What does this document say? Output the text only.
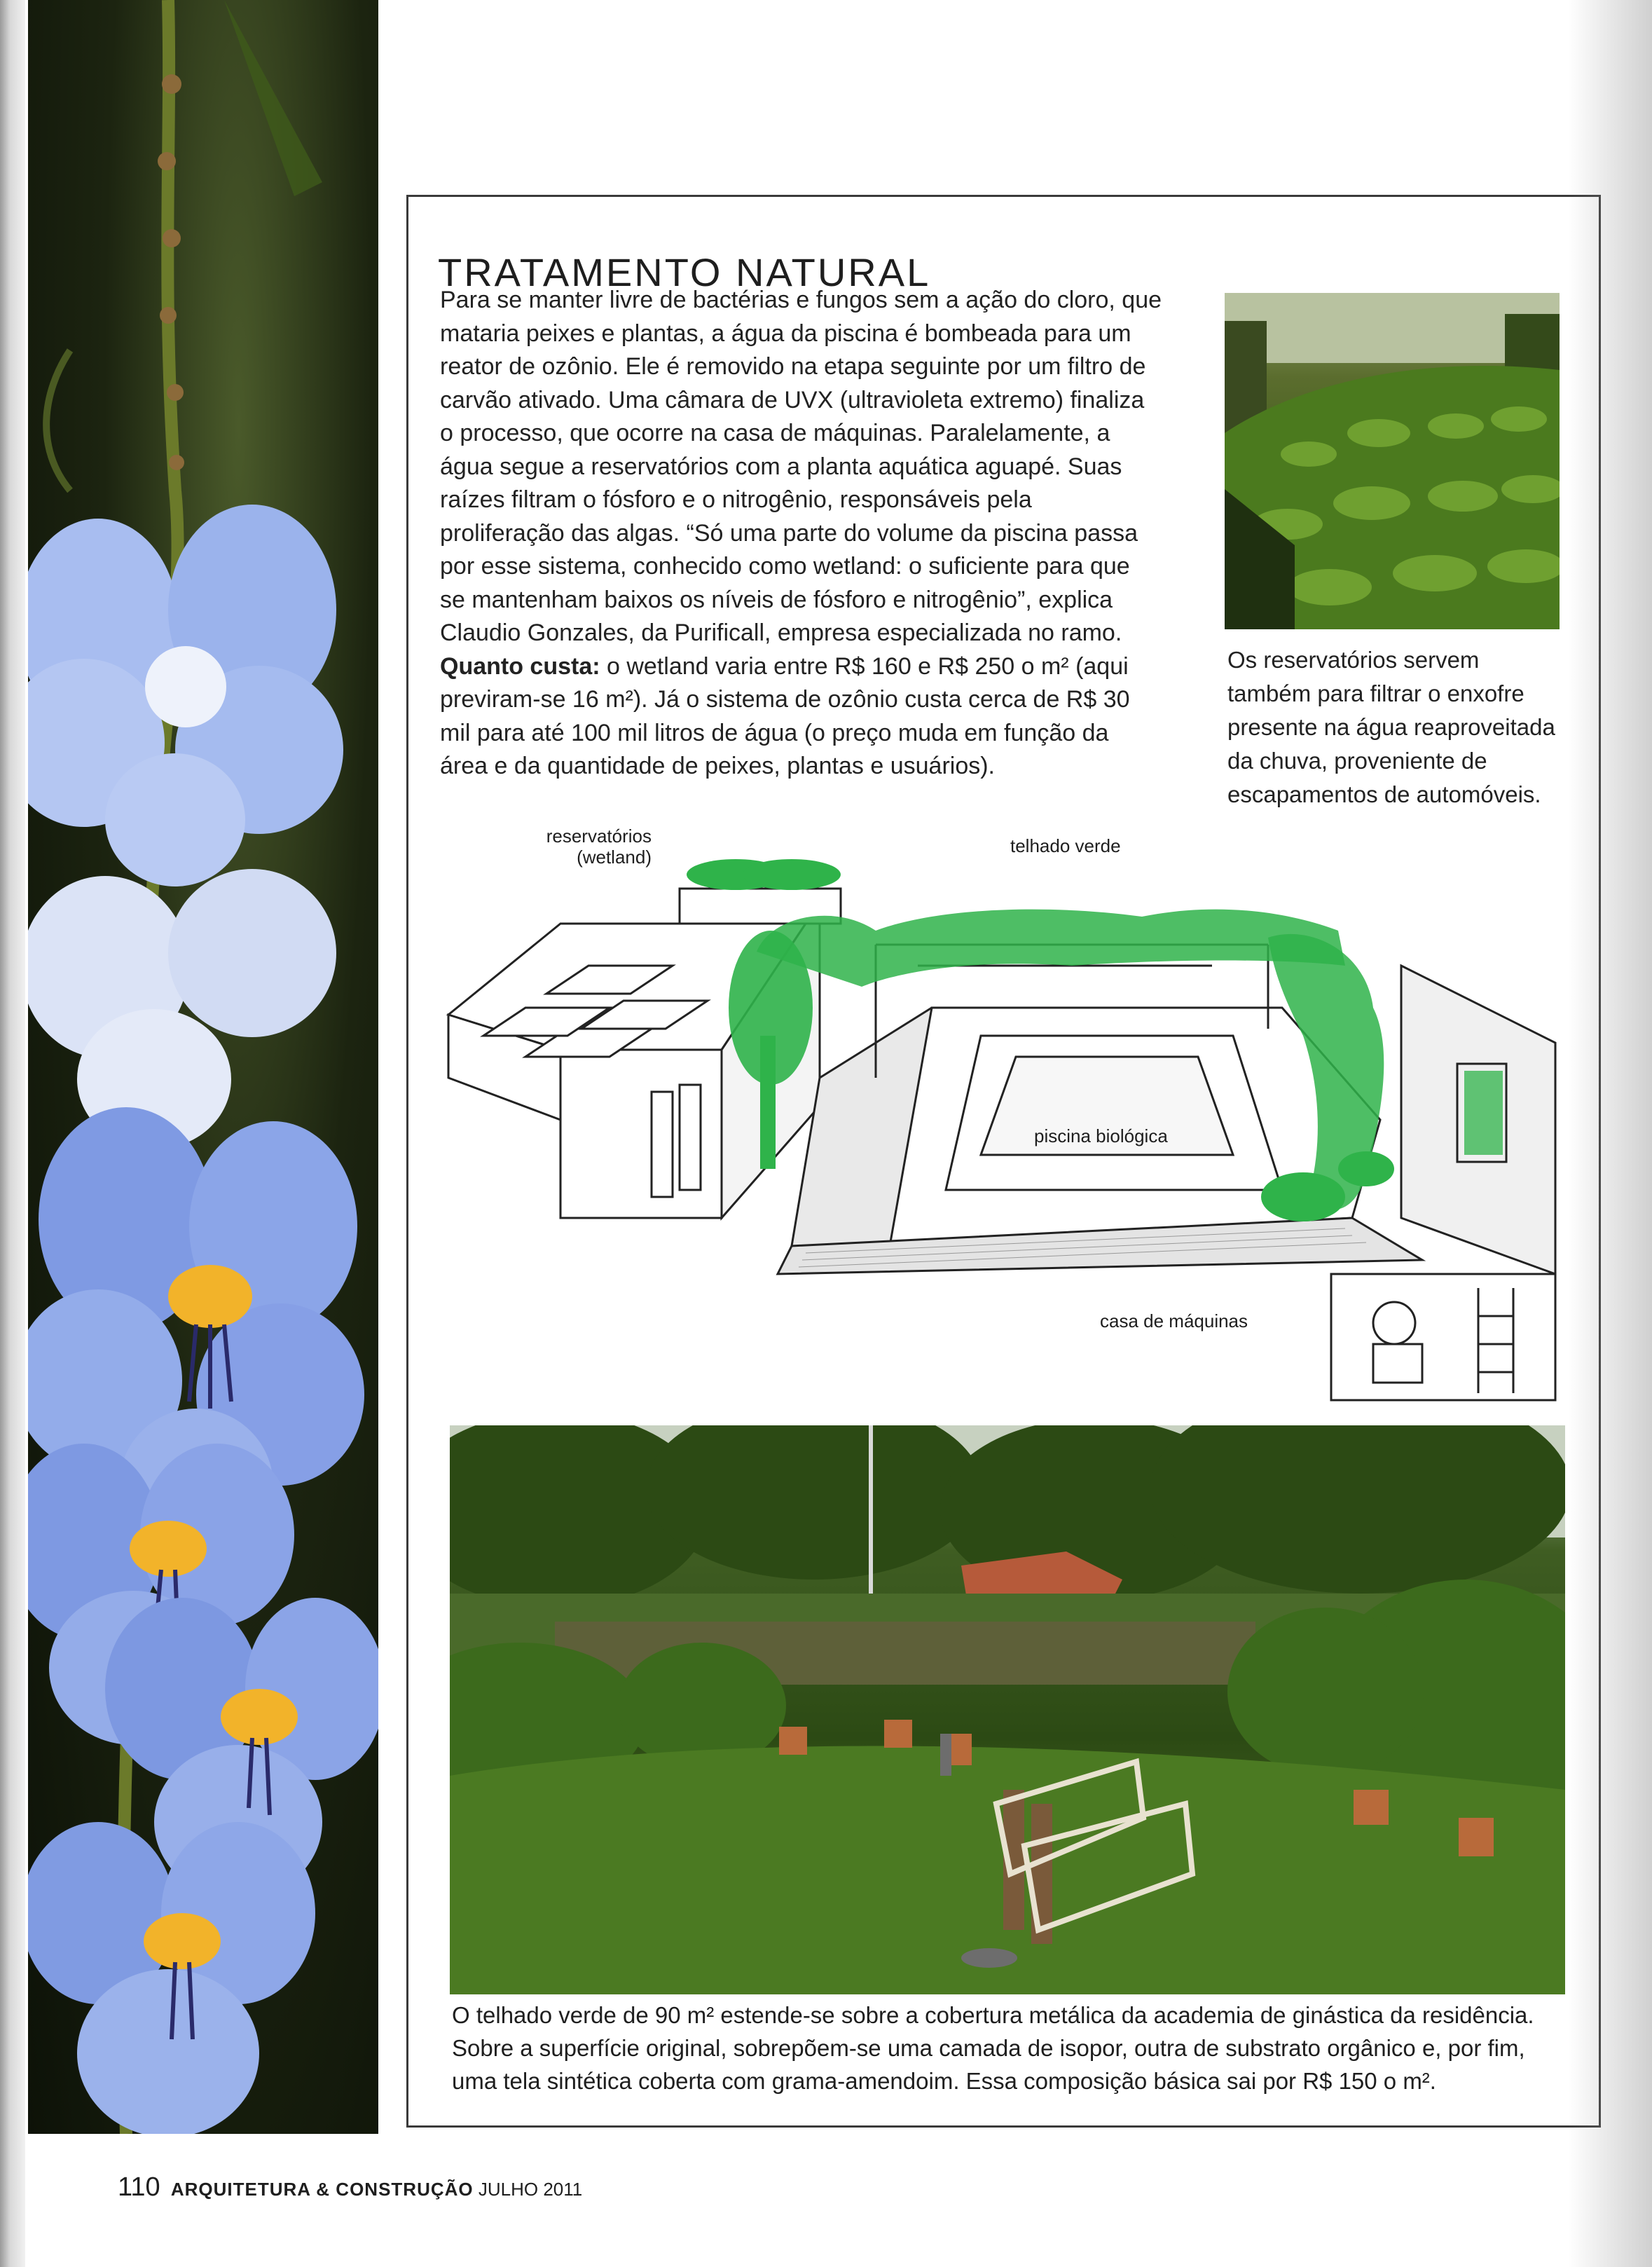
TRATAMENTO NATURAL

Para se manter livre de bactérias e fungos sem a ação do cloro, que mataria peixes e plantas, a água da piscina é bombeada para um reator de ozônio. Ele é removido na etapa seguinte por um filtro de carvão ativado. Uma câmara de UVX (ultravioleta extremo) finaliza o processo, que ocorre na casa de máquinas. Paralelamente, a água segue a reservatórios com a planta aquática aguapé. Suas raízes filtram o fósforo e o nitrogênio, responsáveis pela proliferação das algas. “Só uma parte do volume da piscina passa por esse sistema, conhecido como wetland: o suficiente para que se mantenham baixos os níveis de fósforo e nitrogênio”, explica Claudio Gonzales, da Purificall, empresa especializada no ramo.

Quanto custa: o wetland varia entre R$ 160 e R$ 250 o m² (aqui previram-se 16 m²). Já o sistema de ozônio custa cerca de R$ 30 mil para até 100 mil litros de água (o preço muda em função da área e da quantidade de peixes, plantas e usuários).

Os reservatórios servem também para filtrar o enxofre presente na água reaproveitada da chuva, proveniente de escapamentos de automóveis.
reservatórios (wetland)
telhado verde
piscina biológica
casa de máquinas
O telhado verde de 90 m² estende-se sobre a cobertura metálica da academia de ginástica da residência. Sobre a superfície original, sobrepõem-se uma camada de isopor, outra de substrato orgânico e, por fim, uma tela sintética coberta com grama-amendoim. Essa composição básica sai por R$ 150 o m².
110 ARQUITETURA & CONSTRUÇÃO JULHO 2011
